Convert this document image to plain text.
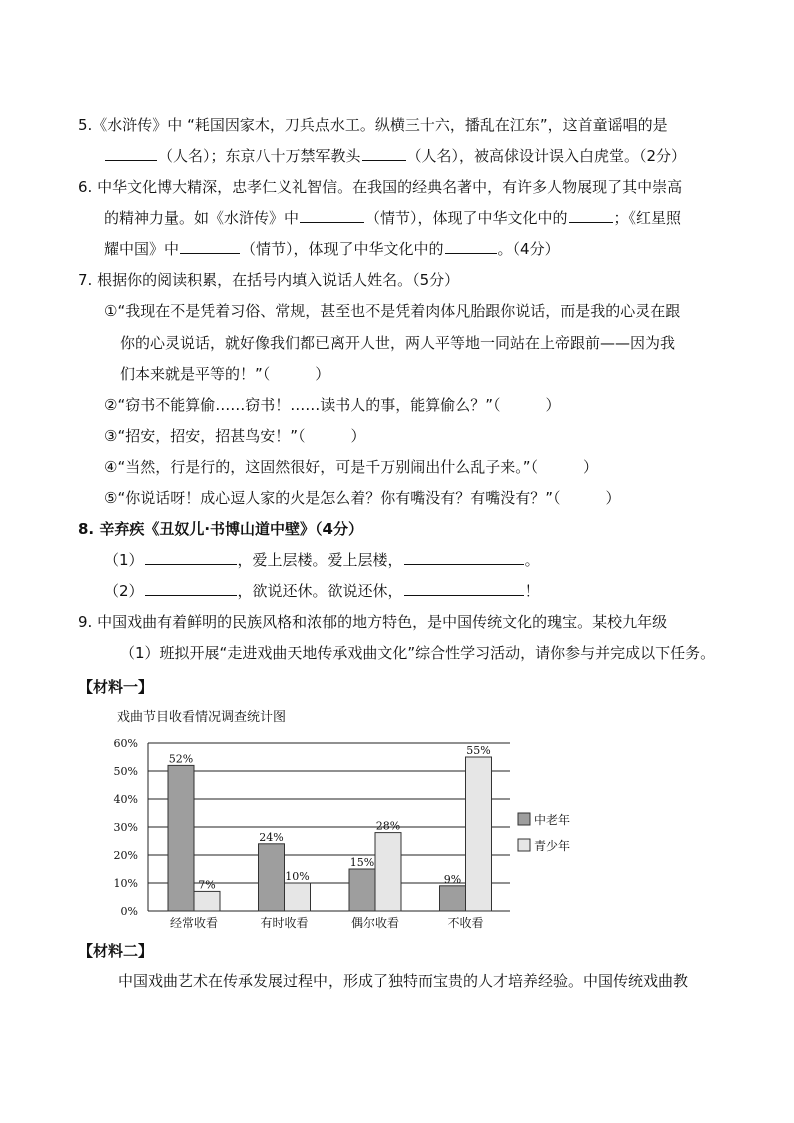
5.《水浒传》中 “耗国因家木，刀兵点水工。纵横三十六，播乱在江东”，这首童谣唱的是
（人名）；东京八十万禁军教头	（人名），被高俅设计误入白虎堂。（2分）
6. 中华文化博大精深，忠孝仁义礼智信。在我国的经典名著中，有许多人物展现了其中崇高
的精神力量。如《水浒传》中	（情节），体现了中华文化中的	；《红星照
耀中国》中	（情节），体现了中华文化中的	。（4分）
7. 根据你的阅读积累，在括号内填入说话人姓名。（5分）
①“我现在不是凭着习俗、常规，甚至也不是凭着肉体凡胎跟你说话，而是我的心灵在跟
你的心灵说话，就好像我们都已离开人世，两人平等地一同站在上帝跟前——因为我
们本来就是平等的！”（　　　）
②“窃书不能算偷……窃书！……读书人的事，能算偷么？”（　　　）
③“招安，招安，招甚鸟安！”（　　　）
④“当然，行是行的，这固然很好，可是千万别闹出什么乱子来。”（　　　）
⑤“你说话呀！成心逗人家的火是怎么着？你有嘴没有？有嘴没有？”（　　　）
8. 辛弃疾《丑奴儿·书博山道中壁》（4分）
（1）	，爱上层楼。爱上层楼，	。
（2）	，欲说还休。欲说还休，	！
9. 中国戏曲有着鲜明的民族风格和浓郁的地方特色，是中国传统文化的瑰宝。某校九年级
（1）班拟开展“走进戏曲天地传承戏曲文化”综合性学习活动，请你参与并完成以下任务。
【材料一】
戏曲节目收看情况调查统计图
0%
10%
20%
30%
40%
50%
60%
52%
7%
经常收看
24%
10%
有时收看
15%
28%
偶尔收看
9%
55%
不收看
中老年
青少年
【材料二】
中国戏曲艺术在传承发展过程中，形成了独特而宝贵的人才培养经验。中国传统戏曲教
